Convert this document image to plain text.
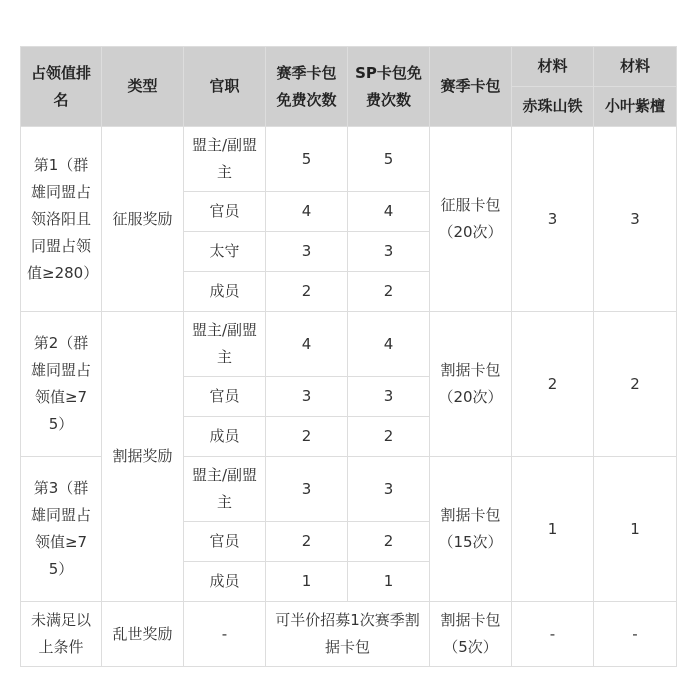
占领值排名	类型	官职	赛季卡包免费次数	SP卡包免费次数	赛季卡包	材料	材料
						赤珠山铁	小叶紫檀
第1（群雄同盟占领洛阳且同盟占领值≥280）	征服奖励	盟主/副盟主	5	5	征服卡包（20次）	3	3
		官员	4	4			
		太守	3	3			
		成员	2	2			
第2（群雄同盟占领值≥75）	割据奖励	盟主/副盟主	4	4	割据卡包（20次）	2	2
		官员	3	3			
		成员	2	2			
第3（群雄同盟占领值≥75）		盟主/副盟主	3	3	割据卡包（15次）	1	1
		官员	2	2			
		成员	1	1			
未满足以上条件	乱世奖励	-	可半价招募1次赛季割据卡包		割据卡包（5次）	-	-
